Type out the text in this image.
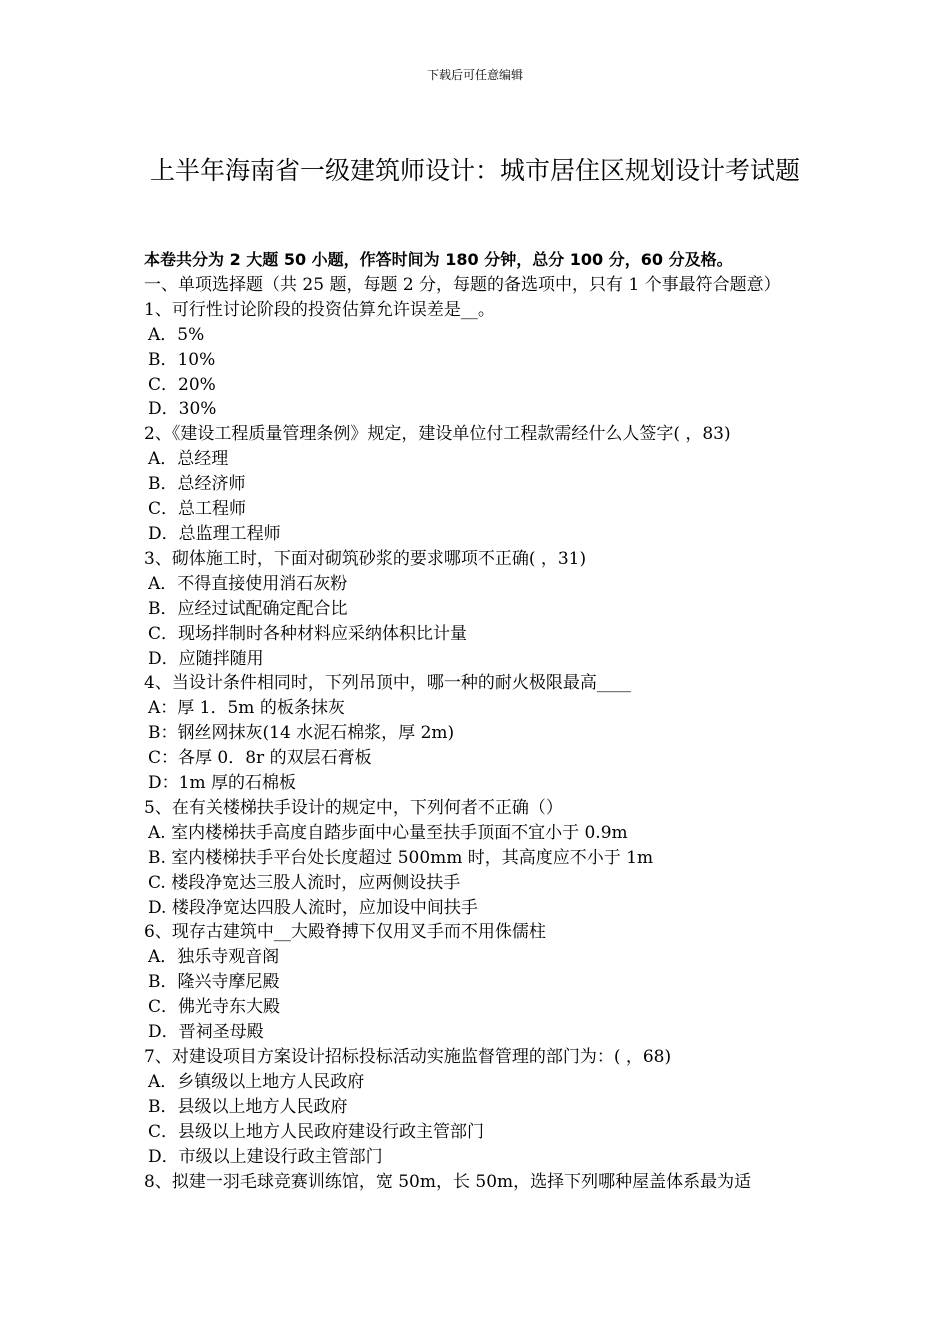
下载后可任意编辑
上半年海南省一级建筑师设计：城市居住区规划设计考试题
本卷共分为 2 大题 50 小题，作答时间为 180 分钟，总分 100 分，60 分及格。
一、单项选择题（共 25 题，每题 2 分，每题的备选项中，只有 1 个事最符合题意）
1、可行性讨论阶段的投资估算允许误差是__。
A．5%
B．10%
C．20%
D．30%
2、《建设工程质量管理条例》规定，建设单位付工程款需经什么人签字( ，83)
A．总经理
B．总经济师
C．总工程师
D．总监理工程师
3、砌体施工时，下面对砌筑砂浆的要求哪项不正确( ，31)
A．不得直接使用消石灰粉
B．应经过试配确定配合比
C．现场拌制时各种材料应采纳体积比计量
D．应随拌随用
4、当设计条件相同时，下列吊顶中，哪一种的耐火极限最高____
A：厚 1．5m 的板条抹灰
B：钢丝网抹灰(14 水泥石棉浆，厚 2m)
C：各厚 0．8r 的双层石膏板
D：1m 厚的石棉板
5、在有关楼梯扶手设计的规定中，下列何者不正确（）
A. 室内楼梯扶手高度自踏步面中心量至扶手顶面不宜小于 0.9m
B. 室内楼梯扶手平台处长度超过 500mm 时，其高度应不小于 1m
C. 楼段净宽达三股人流时，应两侧设扶手
D. 楼段净宽达四股人流时，应加设中间扶手
6、现存古建筑中__大殿脊搏下仅用叉手而不用侏儒柱
A．独乐寺观音阁
B．隆兴寺摩尼殿
C．佛光寺东大殿
D．晋祠圣母殿
7、对建设项目方案设计招标投标活动实施监督管理的部门为：( ，68)
A．乡镇级以上地方人民政府
B．县级以上地方人民政府
C．县级以上地方人民政府建设行政主管部门
D．市级以上建设行政主管部门
8、拟建一羽毛球竞赛训练馆，宽 50m，长 50m，选择下列哪种屋盖体系最为适
